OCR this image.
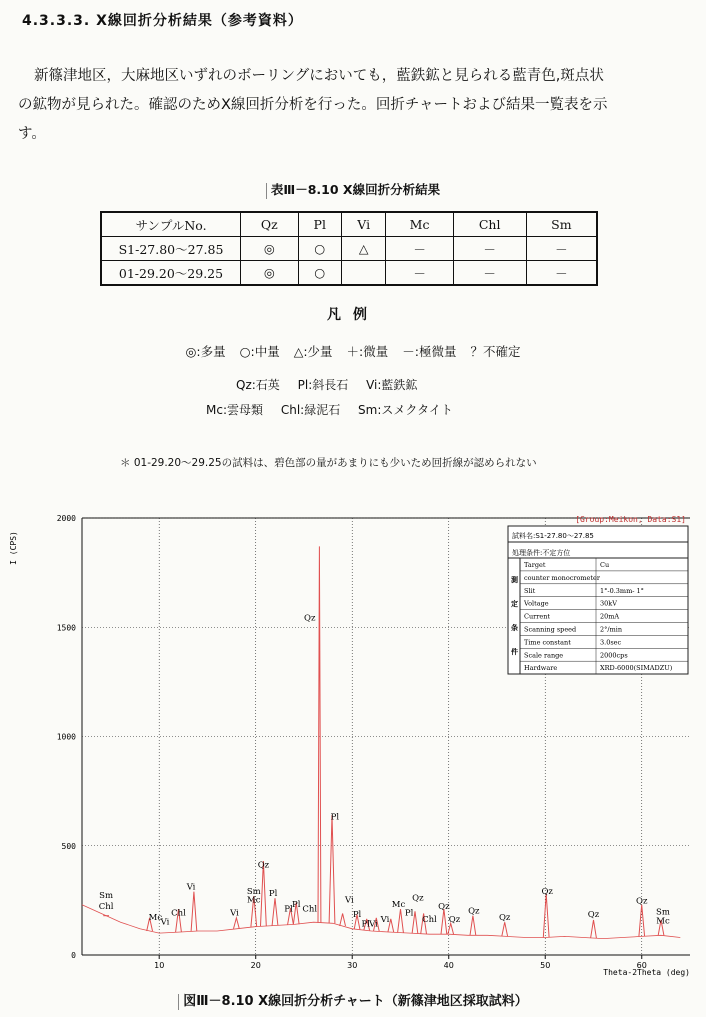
4.3.3.3. X線回折分析結果（参考資料）
新篠津地区，大麻地区いずれのボーリングにおいても，藍鉄鉱と見られる藍青色,斑点状
の鉱物が見られた。確認のためX線回折分析を行った。回折チャートおよび結果一覧表を示
す。
表Ⅲ－8.10 X線回折分析結果
サンプルNo.	Qz	Pl	Vi	Mc	Chl	Sm
S1-27.80～27.85	◎	○	△	－	－	－
01-29.20～29.25	◎	○		－	－	－
凡例
◎:多量 ○:中量 △:少量 ＋:微量 －:極微量 ？不確定
Qz:石英 Pl:斜長石 Vi:藍鉄鉱
Mc:雲母類 Chl:緑泥石 Sm:スメクタイト
＊ 01-29.20～29.25の試料は、碧色部の量があまりにも少いため回折線が認められない
I (CPS)
0
500
1000
1500
2000
10	20	30	40	50	60
Theta-2Theta (deg)
Sm
Chl
Mc
Vi
Chl
Vi
Vi
Sm
Mc
Qz
Pl
Pl Pl Chl
Qz
Pl
Vi
Pl
Pl Vi Vi
Mc
Pl
Qz
Chl
Qz
Qz
Qz
Qz
Qz
Qz
Qz
Sm
Mc
[Group:Meikon, Data:S1]
試料名:S1-27.80～27.85
処理条件:不定方位
測
定
条
件
Target	Cu
counter monocrometer
Slit	1°-0.3mm- 1°
Voltage	30kV
Current	20mA
Scanning speed	2°/min
Time constant	3.0sec
Scale range	2000cps
Hardware	XRD-6000(SIMADZU)
図Ⅲ－8.10 X線回折分析チャート（新篠津地区採取試料）
